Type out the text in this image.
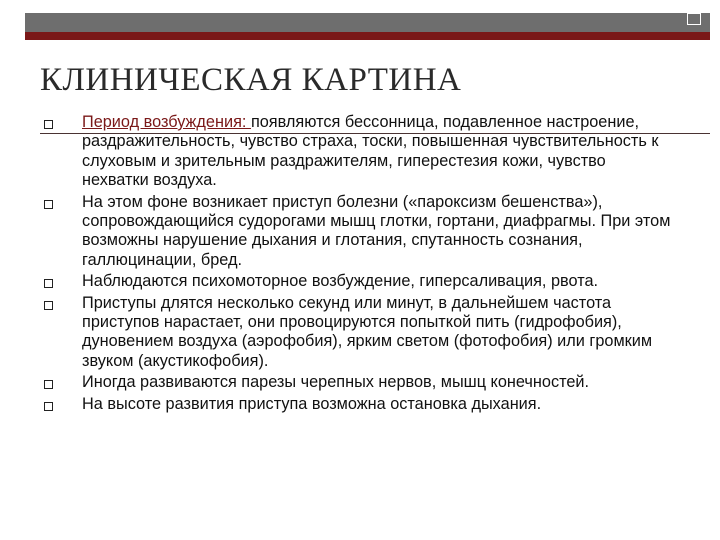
КЛИНИЧЕСКАЯ КАРТИНА
Период возбуждения: появляются бессонница, подавленное настроение, раздражительность, чувство страха, тоски, повышенная чувствительность к слуховым и зрительным раздражителям, гиперестезия кожи, чувство нехватки воздуха.
На этом фоне возникает приступ болезни («пароксизм бешенства»), сопровождающийся судорогами мышц глотки, гортани, диафрагмы. При этом возможны нарушение дыхания и глотания, спутанность сознания, галлюцинации, бред.
Наблюдаются психомоторное возбуждение, гиперсаливация, рвота.
Приступы длятся несколько секунд или минут, в дальнейшем частота приступов нарастает, они провоцируются попыткой пить (гидрофобия), дуновением воздуха (аэрофобия), ярким светом (фотофобия) или громким звуком (акустикофобия).
Иногда развиваются парезы черепных нервов, мышц конечностей.
На высоте развития приступа возможна остановка дыхания.
